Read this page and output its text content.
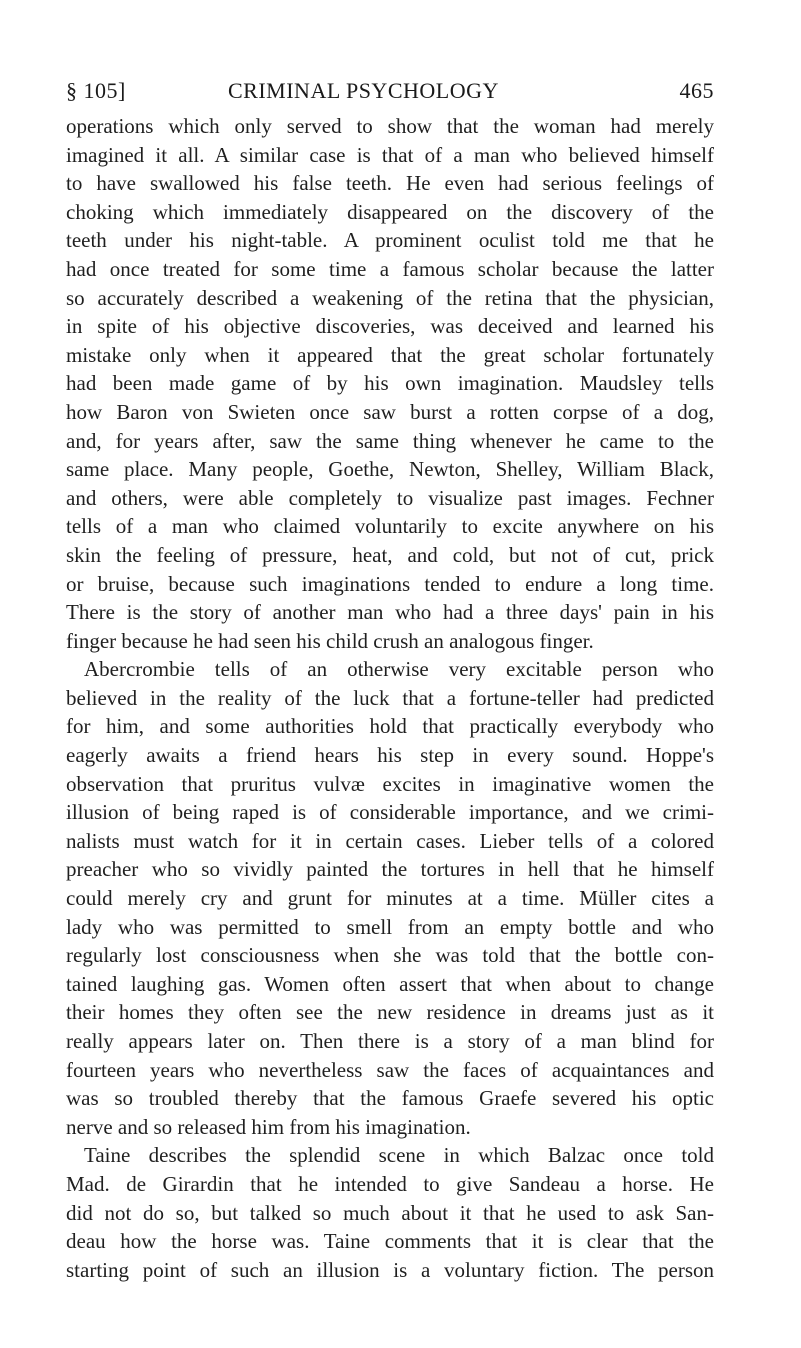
§ 105]	CRIMINAL PSYCHOLOGY	465
operations which only served to show that the woman had merely
imagined it all. A similar case is that of a man who believed himself
to have swallowed his false teeth. He even had serious feelings of
choking which immediately disappeared on the discovery of the
teeth under his night-table. A prominent oculist told me that he
had once treated for some time a famous scholar because the latter
so accurately described a weakening of the retina that the physician,
in spite of his objective discoveries, was deceived and learned his
mistake only when it appeared that the great scholar fortunately
had been made game of by his own imagination. Maudsley tells
how Baron von Swieten once saw burst a rotten corpse of a dog,
and, for years after, saw the same thing whenever he came to the
same place. Many people, Goethe, Newton, Shelley, William Black,
and others, were able completely to visualize past images. Fechner
tells of a man who claimed voluntarily to excite anywhere on his
skin the feeling of pressure, heat, and cold, but not of cut, prick
or bruise, because such imaginations tended to endure a long time.
There is the story of another man who had a three days' pain in his
finger because he had seen his child crush an analogous finger.
Abercrombie tells of an otherwise very excitable person who
believed in the reality of the luck that a fortune-teller had predicted
for him, and some authorities hold that practically everybody who
eagerly awaits a friend hears his step in every sound. Hoppe's
observation that pruritus vulvæ excites in imaginative women the
illusion of being raped is of considerable importance, and we crimi-
nalists must watch for it in certain cases. Lieber tells of a colored
preacher who so vividly painted the tortures in hell that he himself
could merely cry and grunt for minutes at a time. Müller cites a
lady who was permitted to smell from an empty bottle and who
regularly lost consciousness when she was told that the bottle con-
tained laughing gas. Women often assert that when about to change
their homes they often see the new residence in dreams just as it
really appears later on. Then there is a story of a man blind for
fourteen years who nevertheless saw the faces of acquaintances and
was so troubled thereby that the famous Graefe severed his optic
nerve and so released him from his imagination.
Taine describes the splendid scene in which Balzac once told
Mad. de Girardin that he intended to give Sandeau a horse. He
did not do so, but talked so much about it that he used to ask San-
deau how the horse was. Taine comments that it is clear that the
starting point of such an illusion is a voluntary fiction. The person
